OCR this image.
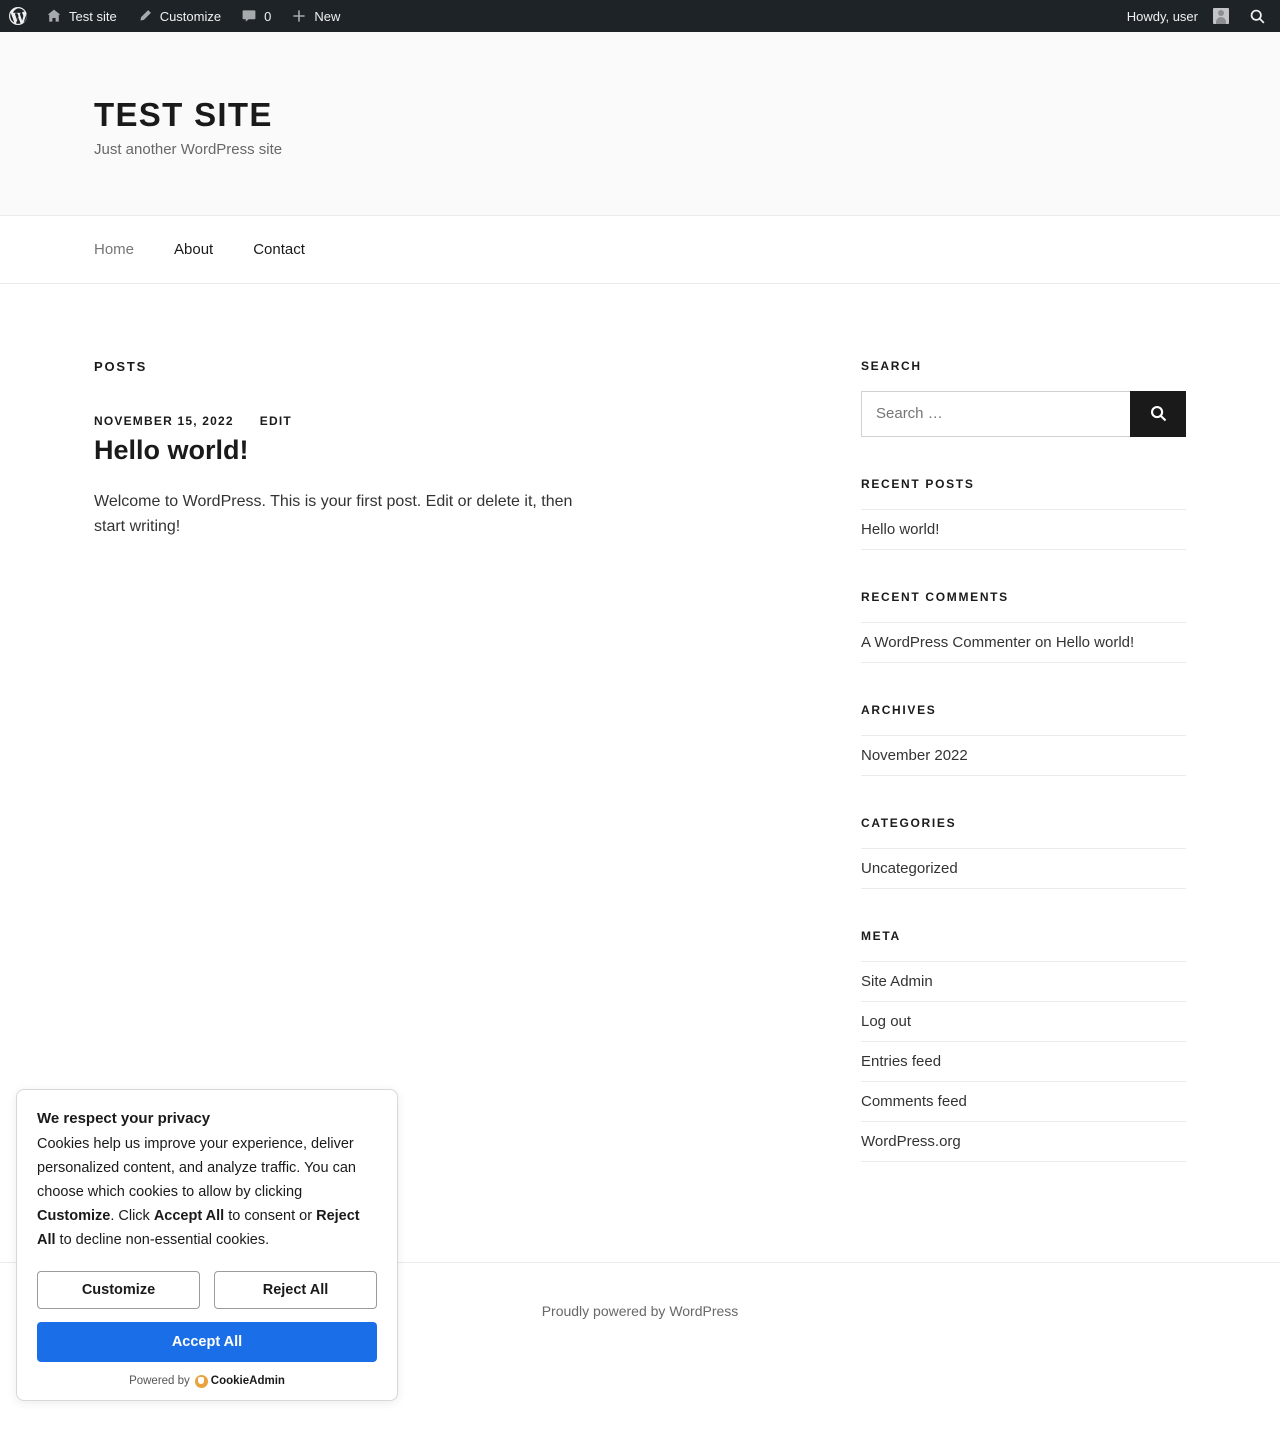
Test site	Customize	0	New	Howdy, user
TEST SITE

Just another WordPress site

Home	About	Contact
POSTS
NOVEMBER 15, 2022 EDIT
Hello world!

Welcome to WordPress. This is your first post. Edit or delete it, then start writing!

SEARCH
Search …
RECENT POSTS
Hello world!
RECENT COMMENTS
A WordPress Commenter on Hello world!
ARCHIVES
November 2022
CATEGORIES
Uncategorized
META
Site Admin
Log out
Entries feed
Comments feed
WordPress.org
Proudly powered by WordPress
We respect your privacy

Cookies help us improve your experience, deliver personalized content, and analyze traffic. You can choose which cookies to allow by clicking Customize. Click Accept All to consent or Reject All to decline non-essential cookies.

Customize	Reject All
Accept All
Powered by CookieAdmin
